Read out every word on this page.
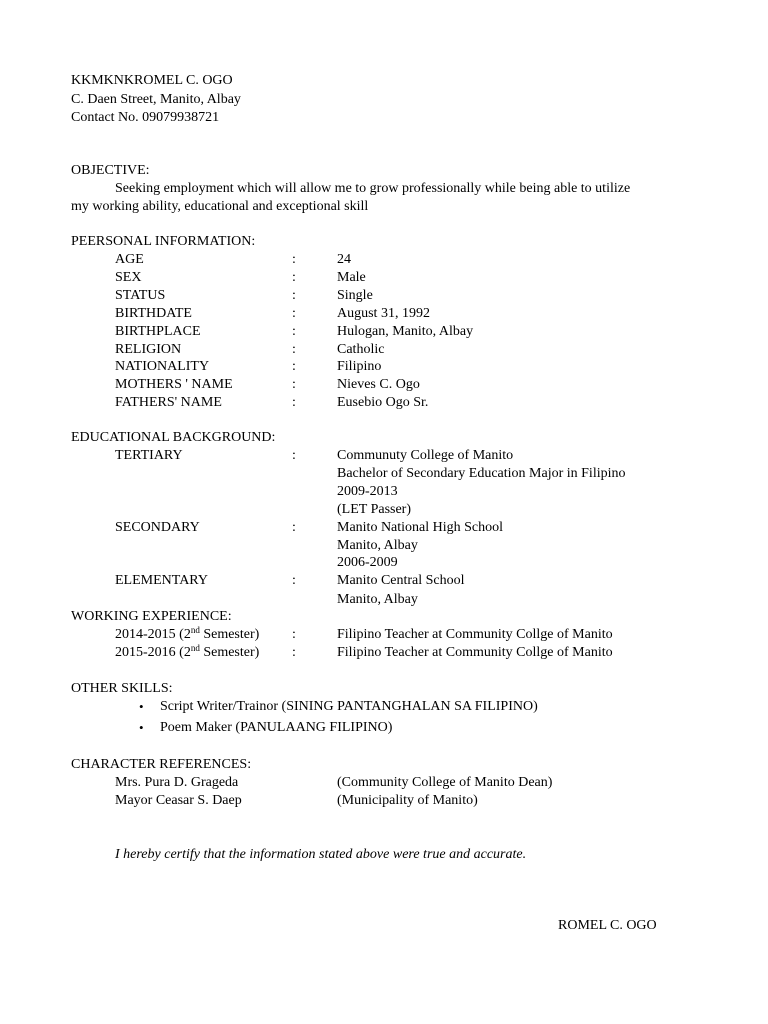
KKMKNKROMEL C. OGO
C. Daen Street, Manito, Albay
Contact No. 09079938721
OBJECTIVE:
Seeking employment which will allow me to grow professionally while being able to utilize
my working ability, educational and exceptional skill
PEERSONAL INFORMATION:
AGE	:	24
SEX	:	Male
STATUS	:	Single
BIRTHDATE	:	August 31, 1992
BIRTHPLACE	:	Hulogan, Manito, Albay
RELIGION	:	Catholic
NATIONALITY	:	Filipino
MOTHERS ' NAME	:	Nieves C. Ogo
FATHERS' NAME	:	Eusebio Ogo Sr.
EDUCATIONAL BACKGROUND:
TERTIARY	:	Communuty College of Manito
Bachelor of Secondary Education Major in Filipino
2009-2013
(LET Passer)
SECONDARY	:	Manito National High School
Manito, Albay
2006-2009
ELEMENTARY	:	Manito Central School
Manito, Albay
WORKING EXPERIENCE:
2014-2015 (2nd Semester) :	Filipino Teacher at Community Collge of Manito
2015-2016 (2nd Semester) :	Filipino Teacher at Community Collge of Manito
OTHER SKILLS:
• Script Writer/Trainor (SINING PANTANGHALAN SA FILIPINO)
• Poem Maker (PANULAANG FILIPINO)
CHARACTER REFERENCES:
Mrs. Pura D. Grageda	(Community College of Manito Dean)
Mayor Ceasar S. Daep	(Municipality of Manito)
I hereby certify that the information stated above were true and accurate.
ROMEL C. OGO
